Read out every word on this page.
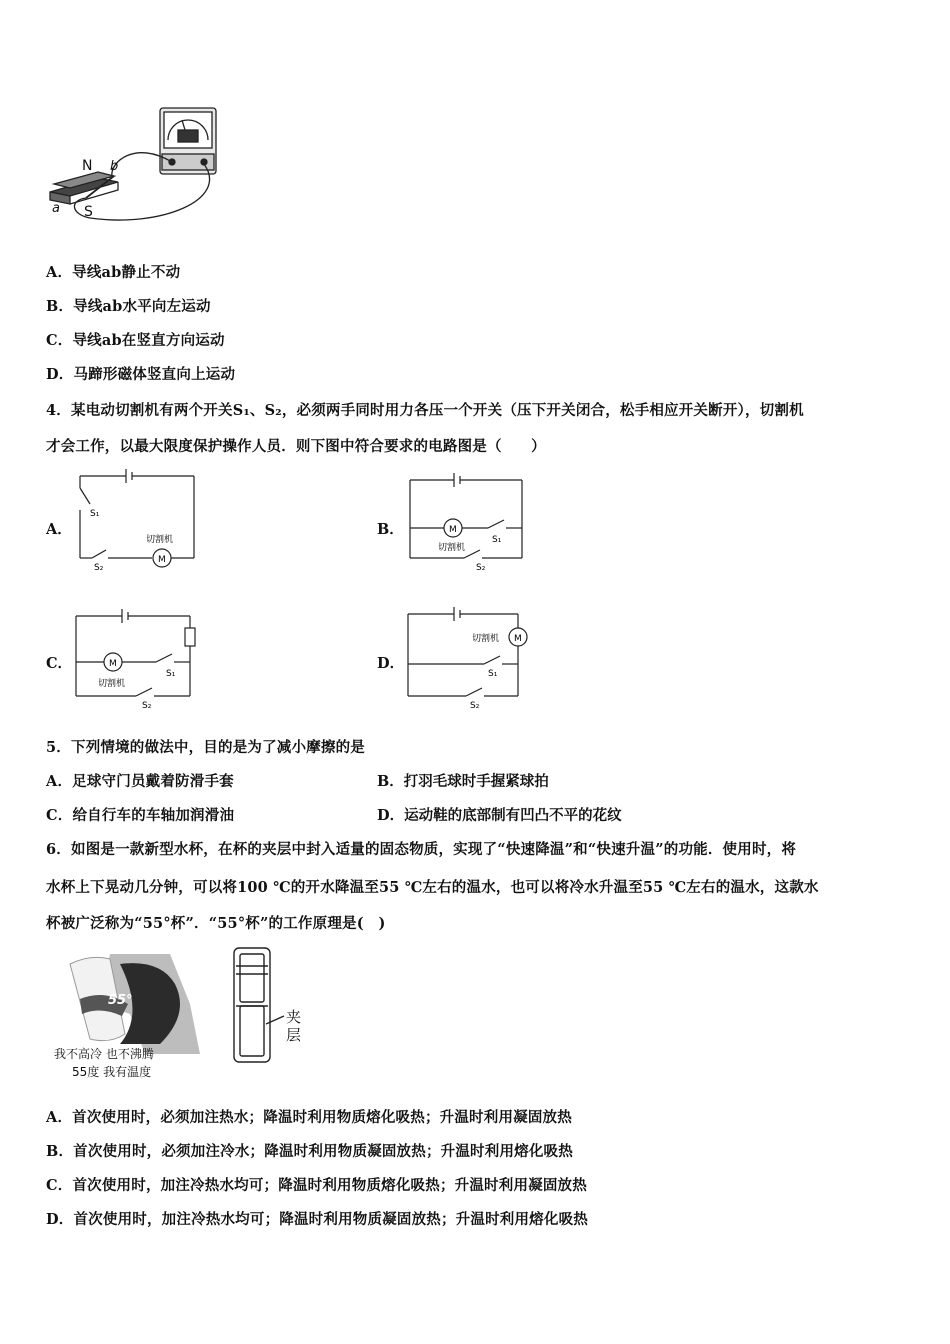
N b
a S
A．导线ab静止不动
B．导线ab水平向左运动
C．导线ab在竖直方向运动
D．马蹄形磁体竖直向上运动
4．某电动切割机有两个开关S₁、S₂，必须两手同时用力各压一个开关（压下开关闭合，松手相应开关断开），切割机
才会工作，以最大限度保护操作人员．则下图中符合要求的电路图是（　　）
A．	B．
C．	D．
S₁
S₂
M
切割机
M
切割机
S₁
S₂
M
切割机
S₁
S₂
M
切割机
S₁
S₂
5．下列情境的做法中，目的是为了减小摩擦的是
A．足球守门员戴着防滑手套	B．打羽毛球时手握紧球拍
C．给自行车的车轴加润滑油	D．运动鞋的底部制有凹凸不平的花纹
6．如图是一款新型水杯，在杯的夹层中封入适量的固态物质，实现了“快速降温”和“快速升温”的功能．使用时，将
水杯上下晃动几分钟，可以将100 ℃的开水降温至55 ℃左右的温水，也可以将冷水升温至55 ℃左右的温水，这款水
杯被广泛称为“55°杯”．“55°杯”的工作原理是(　)
55°
我不高冷 也不沸腾
55度 我有温度
夹
层
A．首次使用时，必须加注热水；降温时利用物质熔化吸热；升温时利用凝固放热
B．首次使用时，必须加注冷水；降温时利用物质凝固放热；升温时利用熔化吸热
C．首次使用时，加注冷热水均可；降温时利用物质熔化吸热；升温时利用凝固放热
D．首次使用时，加注冷热水均可；降温时利用物质凝固放热；升温时利用熔化吸热
